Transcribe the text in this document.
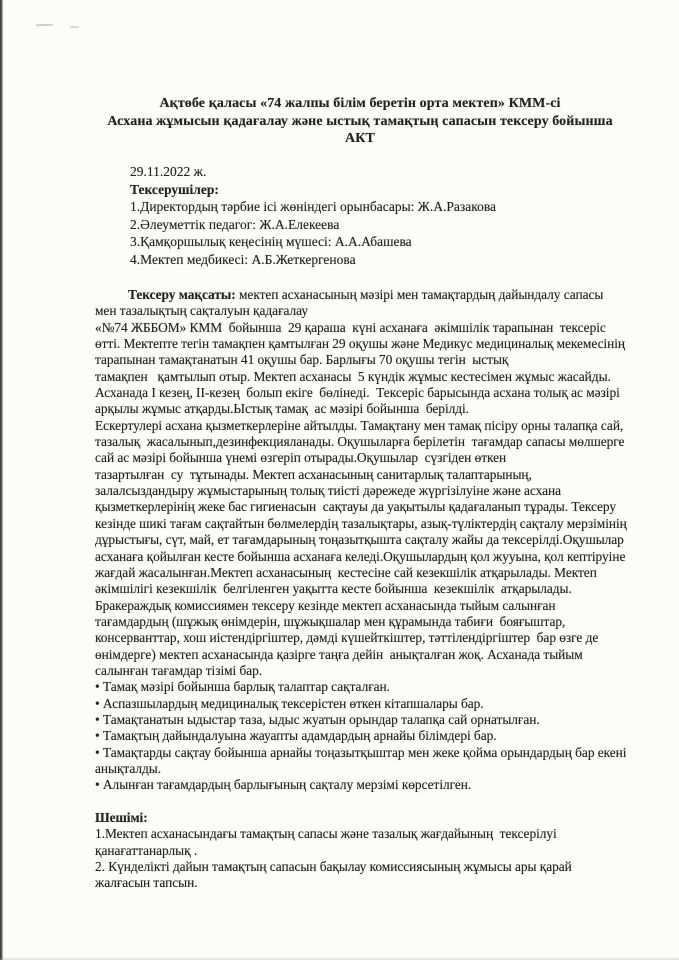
Ақтөбе қаласы «74 жалпы білім беретін орта мектеп» КММ-сі
Асхана жұмысын қадағалау және ыстық тамақтың сапасын тексеру бойынша
АКТ
29.11.2022 ж.
Тексерушілер:
1.Директордың тәрбие ісі жөніндегі орынбасары: Ж.А.Разакова
2.Әлеуметтік педагог: Ж.А.Елекеева
3.Қамқоршылық кеңесінің мүшесі: А.А.Абашева
4.Мектеп медбикесі: А.Б.Жеткергенова
Тексеру мақсаты: мектеп асханасының мәзірі мен тамақтардың дайындалу сапасы
мен тазалықтың сақталуын қадағалау
«№74 ЖББОМ» КММ  бойынша  29 қараша  күні асханаға  әкімшілік тарапынан  тексеріс
өтті. Мектепте тегін тамақпен қамтылған 29 оқушы және Медикус медициналық мекемесінің
тарапынан тамақтанатын 41 оқушы бар. Барлығы 70 оқушы тегін  ыстық
тамақпен   қамтылып отыр. Мектеп асханасы  5 күндік жұмыс кестесімен жұмыс жасайды.
Асханада I кезең, II-кезең  болып екіге  бөлінеді.  Тексеріс барысында асхана толық ас мәзірі
арқылы жұмыс атқарды.Ыстық тамақ  ас мәзірі бойынша  берілді.
Ескертулері асхана қызметкерлеріне айтылды. Тамақтану мен тамақ пісіру орны талапқа сай,
тазалық  жасалынып,дезинфекцияланады. Оқушыларға берілетін  тағамдар сапасы мөлшерге
сай ас мәзірі бойынша үнемі өзгеріп отырады.Оқушылар  сүзгіден өткен
тазартылған  су  тұтынады. Мектеп асханасының санитарлық талаптарының,
залалсыздандыру жұмыстарының толық тиісті дәрежеде жүргізілуіне және асхана
қызметкерлерінің жеке бас гигиенасын  сақтауы да уақытылы қадағаланып тұрады. Тексеру
кезінде шикі тағам сақтайтын бөлмелердің тазалықтары, азық-түліктердің сақталу мерзімінің
дұрыстығы, сүт, май, ет тағамдарының тоңазытқышта сақталу жайы да тексерілді.Оқушылар
асханаға қойылған кесте бойынша асханаға келеді.Оқушылардың қол жууына, қол кептіруіне
жағдай жасалынған.Мектеп асханасының  кестесіне сай кезекшілік атқарылады. Мектеп
әкімшілігі кезекшілік  белгіленген уақытта кесте бойынша  кезекшілік  атқарылады.
Бракераждық комиссиямен тексеру кезінде мектеп асханасында тыйым салынған
тағамдардың (шұжық өнімдерін, шұжықшалар мен құрамында табиғи  бояғыштар,
консерванттар, хош иістендіргіштер, дәмді күшейткіштер, тәттілендіргіштер  бар өзге де
өнімдерге) мектеп асханасында қазірге таңға дейін  анықталған жоқ. Асханада тыйым
салынған тағамдар тізімі бар.
• Тамақ мәзірі бойынша барлық талаптар сақталған.
• Аспазшылардың медициналық тексерістен өткен кітапшалары бар.
• Тамақтанатын ыдыстар таза, ыдыс жуатын орындар талапқа сай орнатылған.
• Тамақтың дайындалуына жауапты адамдардың арнайы білімдері бар.
• Тамақтарды сақтау бойынша арнайы тоңазытқыштар мен жеке қойма орындардың бар екені
анықталды.
• Алынған тағамдардың барлығының сақталу мерзімі көрсетілген.
Шешімі:
1.Мектеп асханасындағы тамақтың сапасы және тазалық жағдайының  тексерілуі
қанағаттанарлық .
2. Күнделікті дайын тамақтың сапасын бақылау комиссиясының жұмысы ары қарай
жалғасын тапсын.
